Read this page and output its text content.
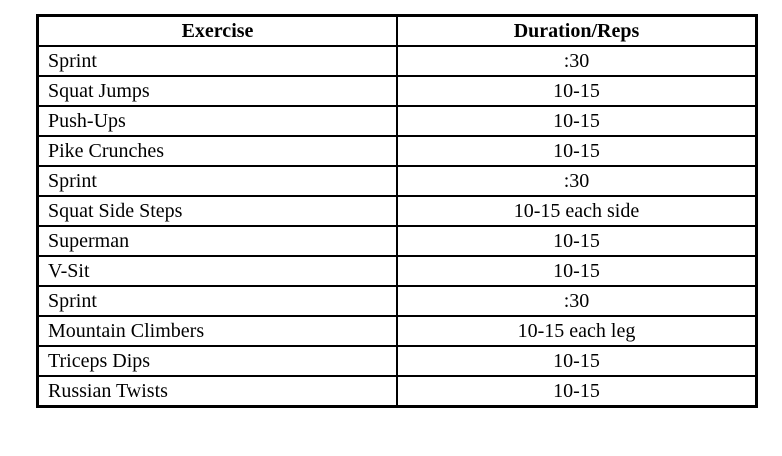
Exercise	Duration/Reps
Sprint	:30
Squat Jumps	10-15
Push-Ups	10-15
Pike Crunches	10-15
Sprint	:30
Squat Side Steps	10-15 each side
Superman	10-15
V-Sit	10-15
Sprint	:30
Mountain Climbers	10-15 each leg
Triceps Dips	10-15
Russian Twists	10-15
